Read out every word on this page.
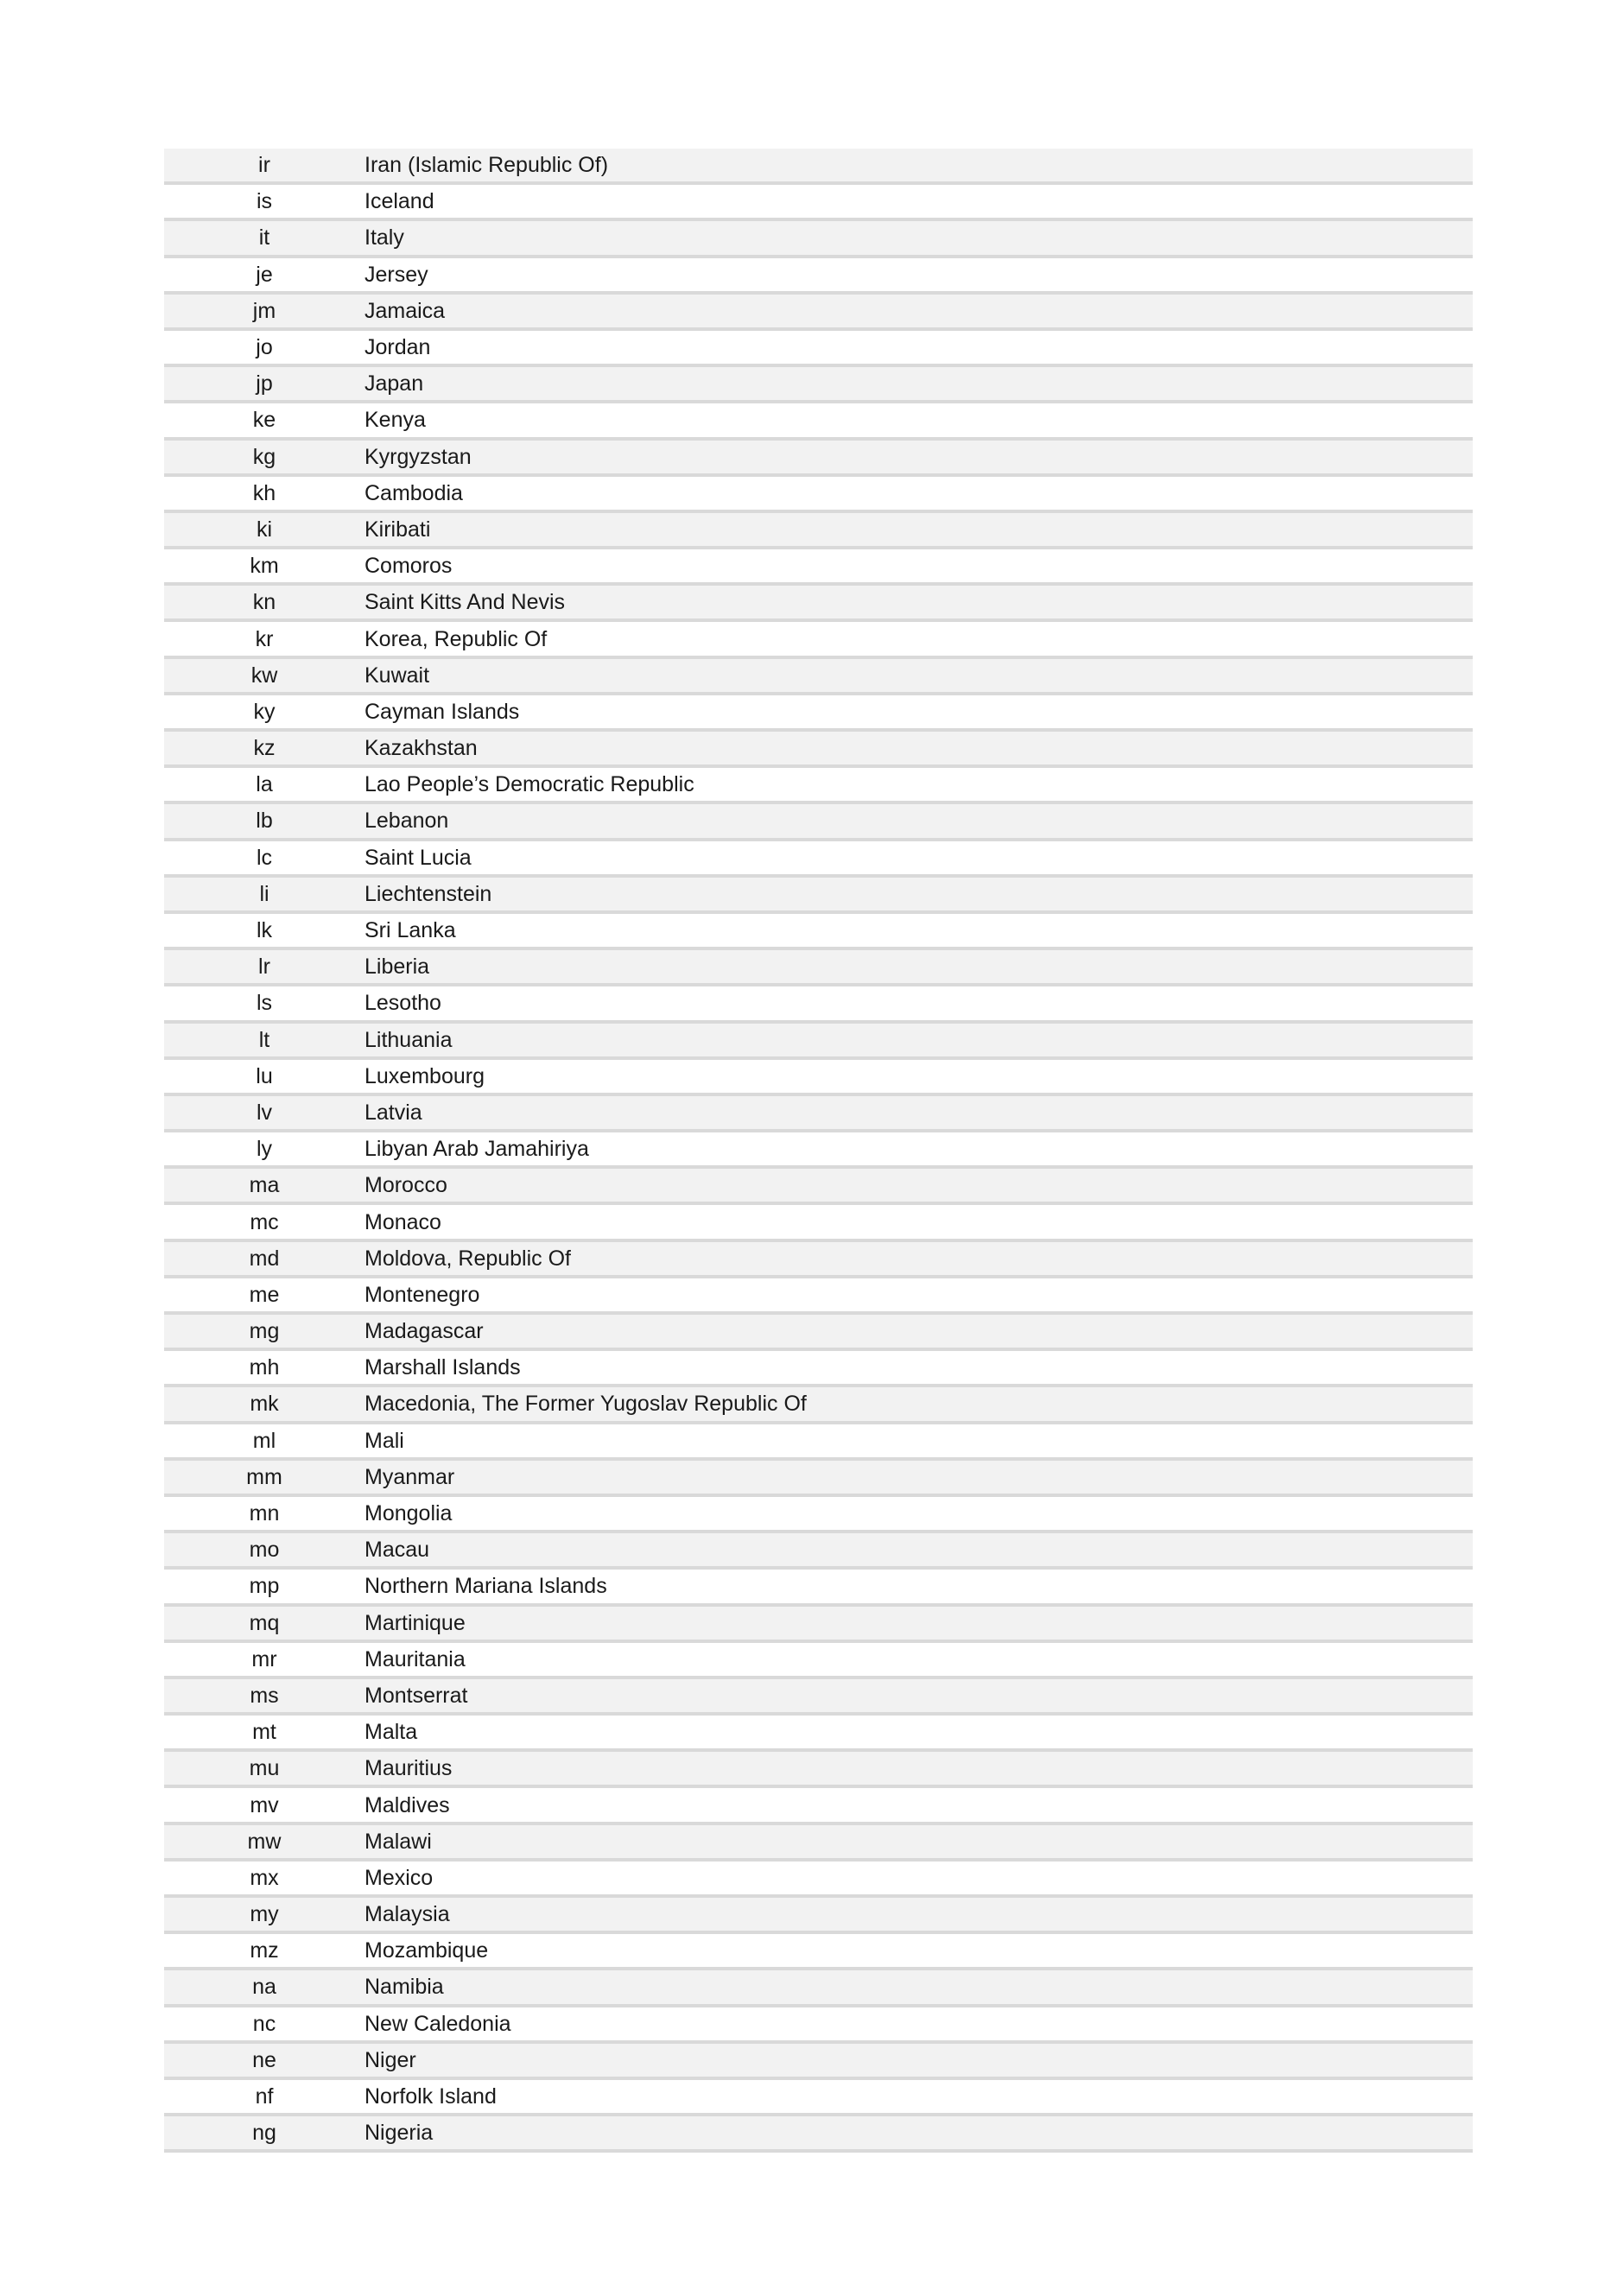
ir	Iran (Islamic Republic Of)
is	Iceland
it	Italy
je	Jersey
jm	Jamaica
jo	Jordan
jp	Japan
ke	Kenya
kg	Kyrgyzstan
kh	Cambodia
ki	Kiribati
km	Comoros
kn	Saint Kitts And Nevis
kr	Korea, Republic Of
kw	Kuwait
ky	Cayman Islands
kz	Kazakhstan
la	Lao People’s Democratic Republic
lb	Lebanon
lc	Saint Lucia
li	Liechtenstein
lk	Sri Lanka
lr	Liberia
ls	Lesotho
lt	Lithuania
lu	Luxembourg
lv	Latvia
ly	Libyan Arab Jamahiriya
ma	Morocco
mc	Monaco
md	Moldova, Republic Of
me	Montenegro
mg	Madagascar
mh	Marshall Islands
mk	Macedonia, The Former Yugoslav Republic Of
ml	Mali
mm	Myanmar
mn	Mongolia
mo	Macau
mp	Northern Mariana Islands
mq	Martinique
mr	Mauritania
ms	Montserrat
mt	Malta
mu	Mauritius
mv	Maldives
mw	Malawi
mx	Mexico
my	Malaysia
mz	Mozambique
na	Namibia
nc	New Caledonia
ne	Niger
nf	Norfolk Island
ng	Nigeria
